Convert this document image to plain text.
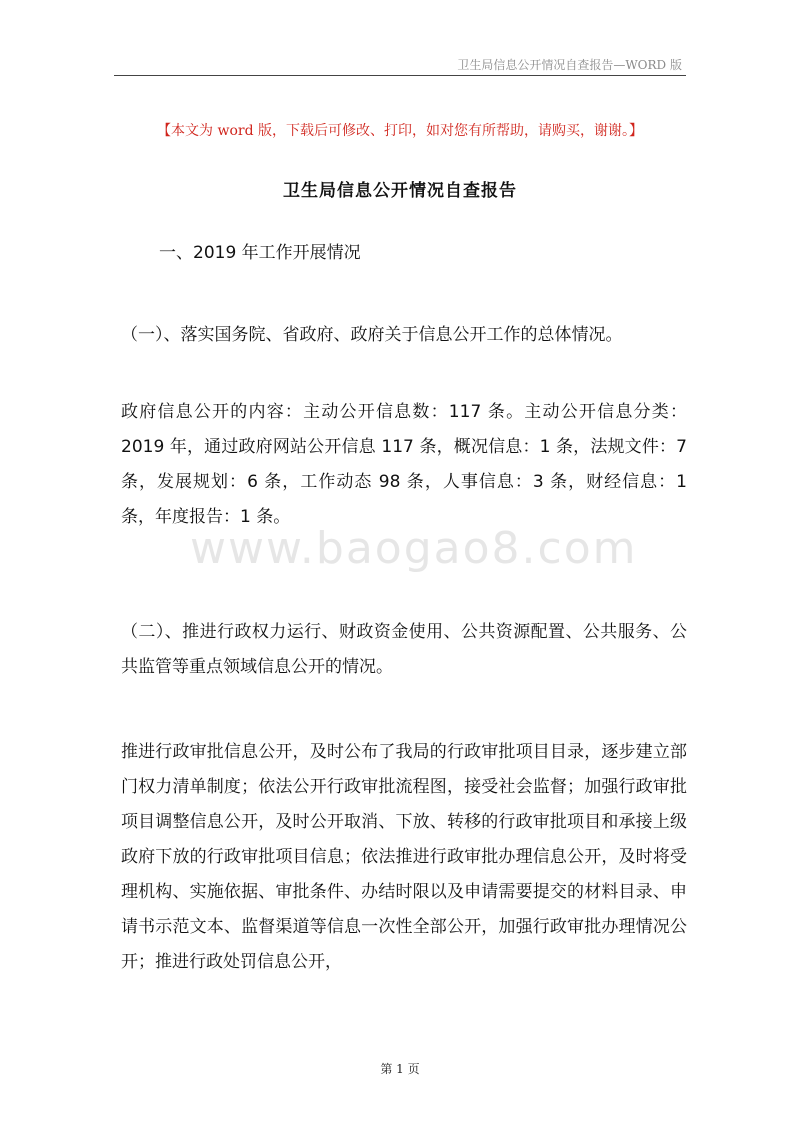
卫生局信息公开情况自查报告—WORD 版
【本文为 word 版，下载后可修改、打印，如对您有所帮助，请购买，谢谢。】
卫生局信息公开情况自查报告
一、2019 年工作开展情况
（一）、落实国务院、省政府、政府关于信息公开工作的总体情况。
政府信息公开的内容：主动公开信息数：117 条。主动公开信息分类：2019 年，通过政府网站公开信息 117 条，概况信息：1 条，法规文件：7 条，发展规划：6 条，工作动态 98 条，人事信息：3 条，财经信息：1 条，年度报告：1 条。
（二）、推进行政权力运行、财政资金使用、公共资源配置、公共服务、公共监管等重点领域信息公开的情况。
推进行政审批信息公开，及时公布了我局的行政审批项目目录，逐步建立部门权力清单制度；依法公开行政审批流程图，接受社会监督；加强行政审批项目调整信息公开，及时公开取消、下放、转移的行政审批项目和承接上级政府下放的行政审批项目信息；依法推进行政审批办理信息公开，及时将受理机构、实施依据、审批条件、办结时限以及申请需要提交的材料目录、申请书示范文本、监督渠道等信息一次性全部公开，加强行政审批办理情况公开；推进行政处罚信息公开，
www.baogao8.com
第 1 页
